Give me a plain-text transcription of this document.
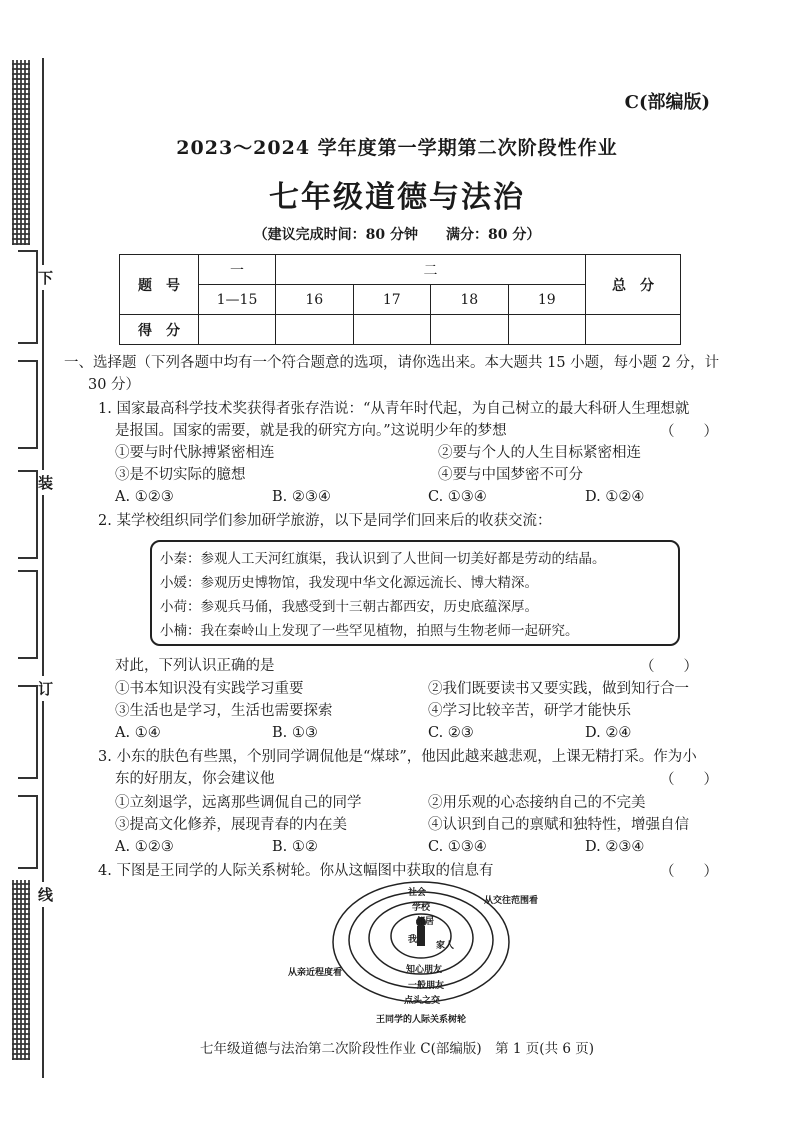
下
装
订
线
C(部编版)
2023～2024 学年度第一学期第二次阶段性作业
七年级道德与法治
（建议完成时间：80 分钟　　满分：80 分）
题　号	一	二				总　分
	1—15	16	17	18	19	
得　分						
一、选择题（下列各题中均有一个符合题意的选项，请你选出来。本大题共 15 小题，每小题 2 分，计
30 分）
1. 国家最高科学技术奖获得者张存浩说：“从青年时代起，为自己树立的最大科研人生理想就
是报国。国家的需要，就是我的研究方向。”这说明少年的梦想	（　　）
①要与时代脉搏紧密相连	②要与个人的人生目标紧密相连
③是不切实际的臆想	④要与中国梦密不可分
A. ①②③	B. ②③④	C. ①③④	D. ①②④
2. 某学校组织同学们参加研学旅游，以下是同学们回来后的收获交流：

小秦：参观人工天河红旗渠，我认识到了人世间一切美好都是劳动的结晶。

小媛：参观历史博物馆，我发现中华文化源远流长、博大精深。

小荷：参观兵马俑，我感受到十三朝古都西安，历史底蕴深厚。

小楠：我在秦岭山上发现了一些罕见植物，拍照与生物老师一起研究。

对此，下列认识正确的是	（　　）
①书本知识没有实践学习重要	②我们既要读书又要实践，做到知行合一
③生活也是学习，生活也需要探索	④学习比较辛苦，研学才能快乐
A. ①④	B. ①③	C. ②③	D. ②④
3. 小东的肤色有些黑，个别同学调侃他是“煤球”，他因此越来越悲观，上课无精打采。作为小
东的好朋友，你会建议他	（　　）
①立刻退学，远离那些调侃自己的同学	②用乐观的心态接纳自己的不完美
③提高文化修养，展现青春的内在美	④认识到自己的禀赋和独特性，增强自信
A. ①②③	B. ①②	C. ①③④	D. ②③④
4. 下图是王同学的人际关系树轮。你从这幅图中获取的信息有	（　　）
社会
学校
邻居
我
家人
知心朋友
一般朋友
点头之交
从交往范围看
从亲近程度看
王同学的人际关系树轮
七年级道德与法治第二次阶段性作业 C(部编版)　第 1 页(共 6 页)
